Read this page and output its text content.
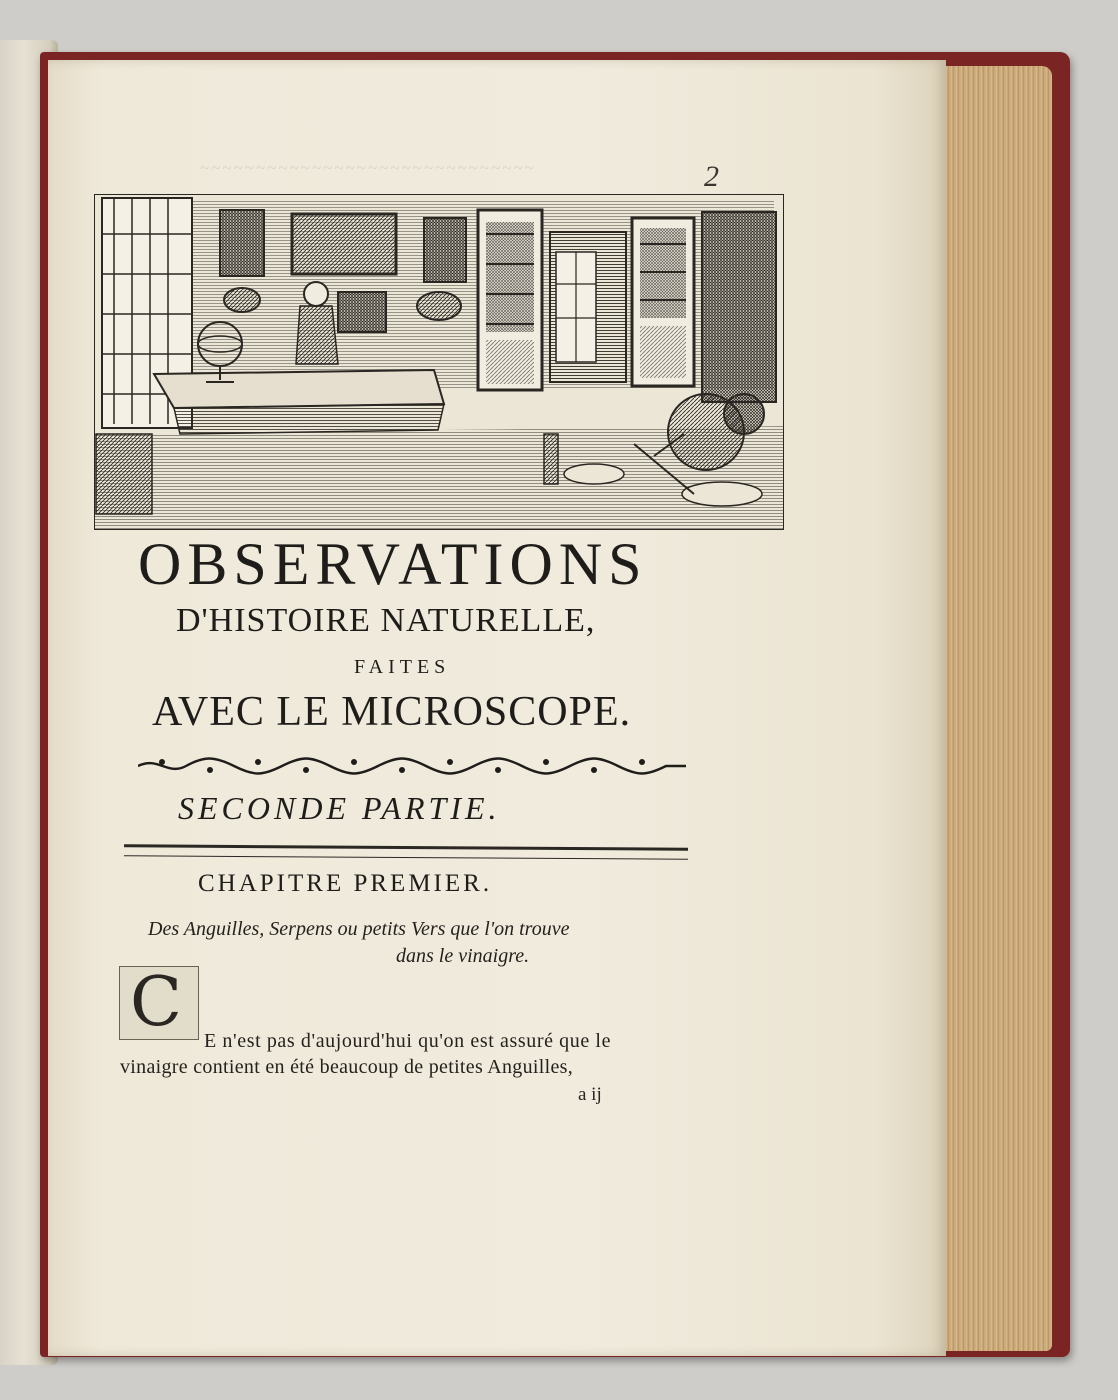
~~~~~~~~~~~~~~~~~~~~~~~~~~~~~~	2
OBSERVATIONS
D'HISTOIRE NATURELLE,
FAITES
AVEC LE MICROSCOPE.
SECONDE PARTIE.
CHAPITRE PREMIER.
Des Anguilles, Serpens ou petits Vers que l'on trouve
dans le vinaigre.
C E n'est pas d'aujourd'hui qu'on est assuré que le
vinaigre contient en été beaucoup de petites Anguilles,
a ij
